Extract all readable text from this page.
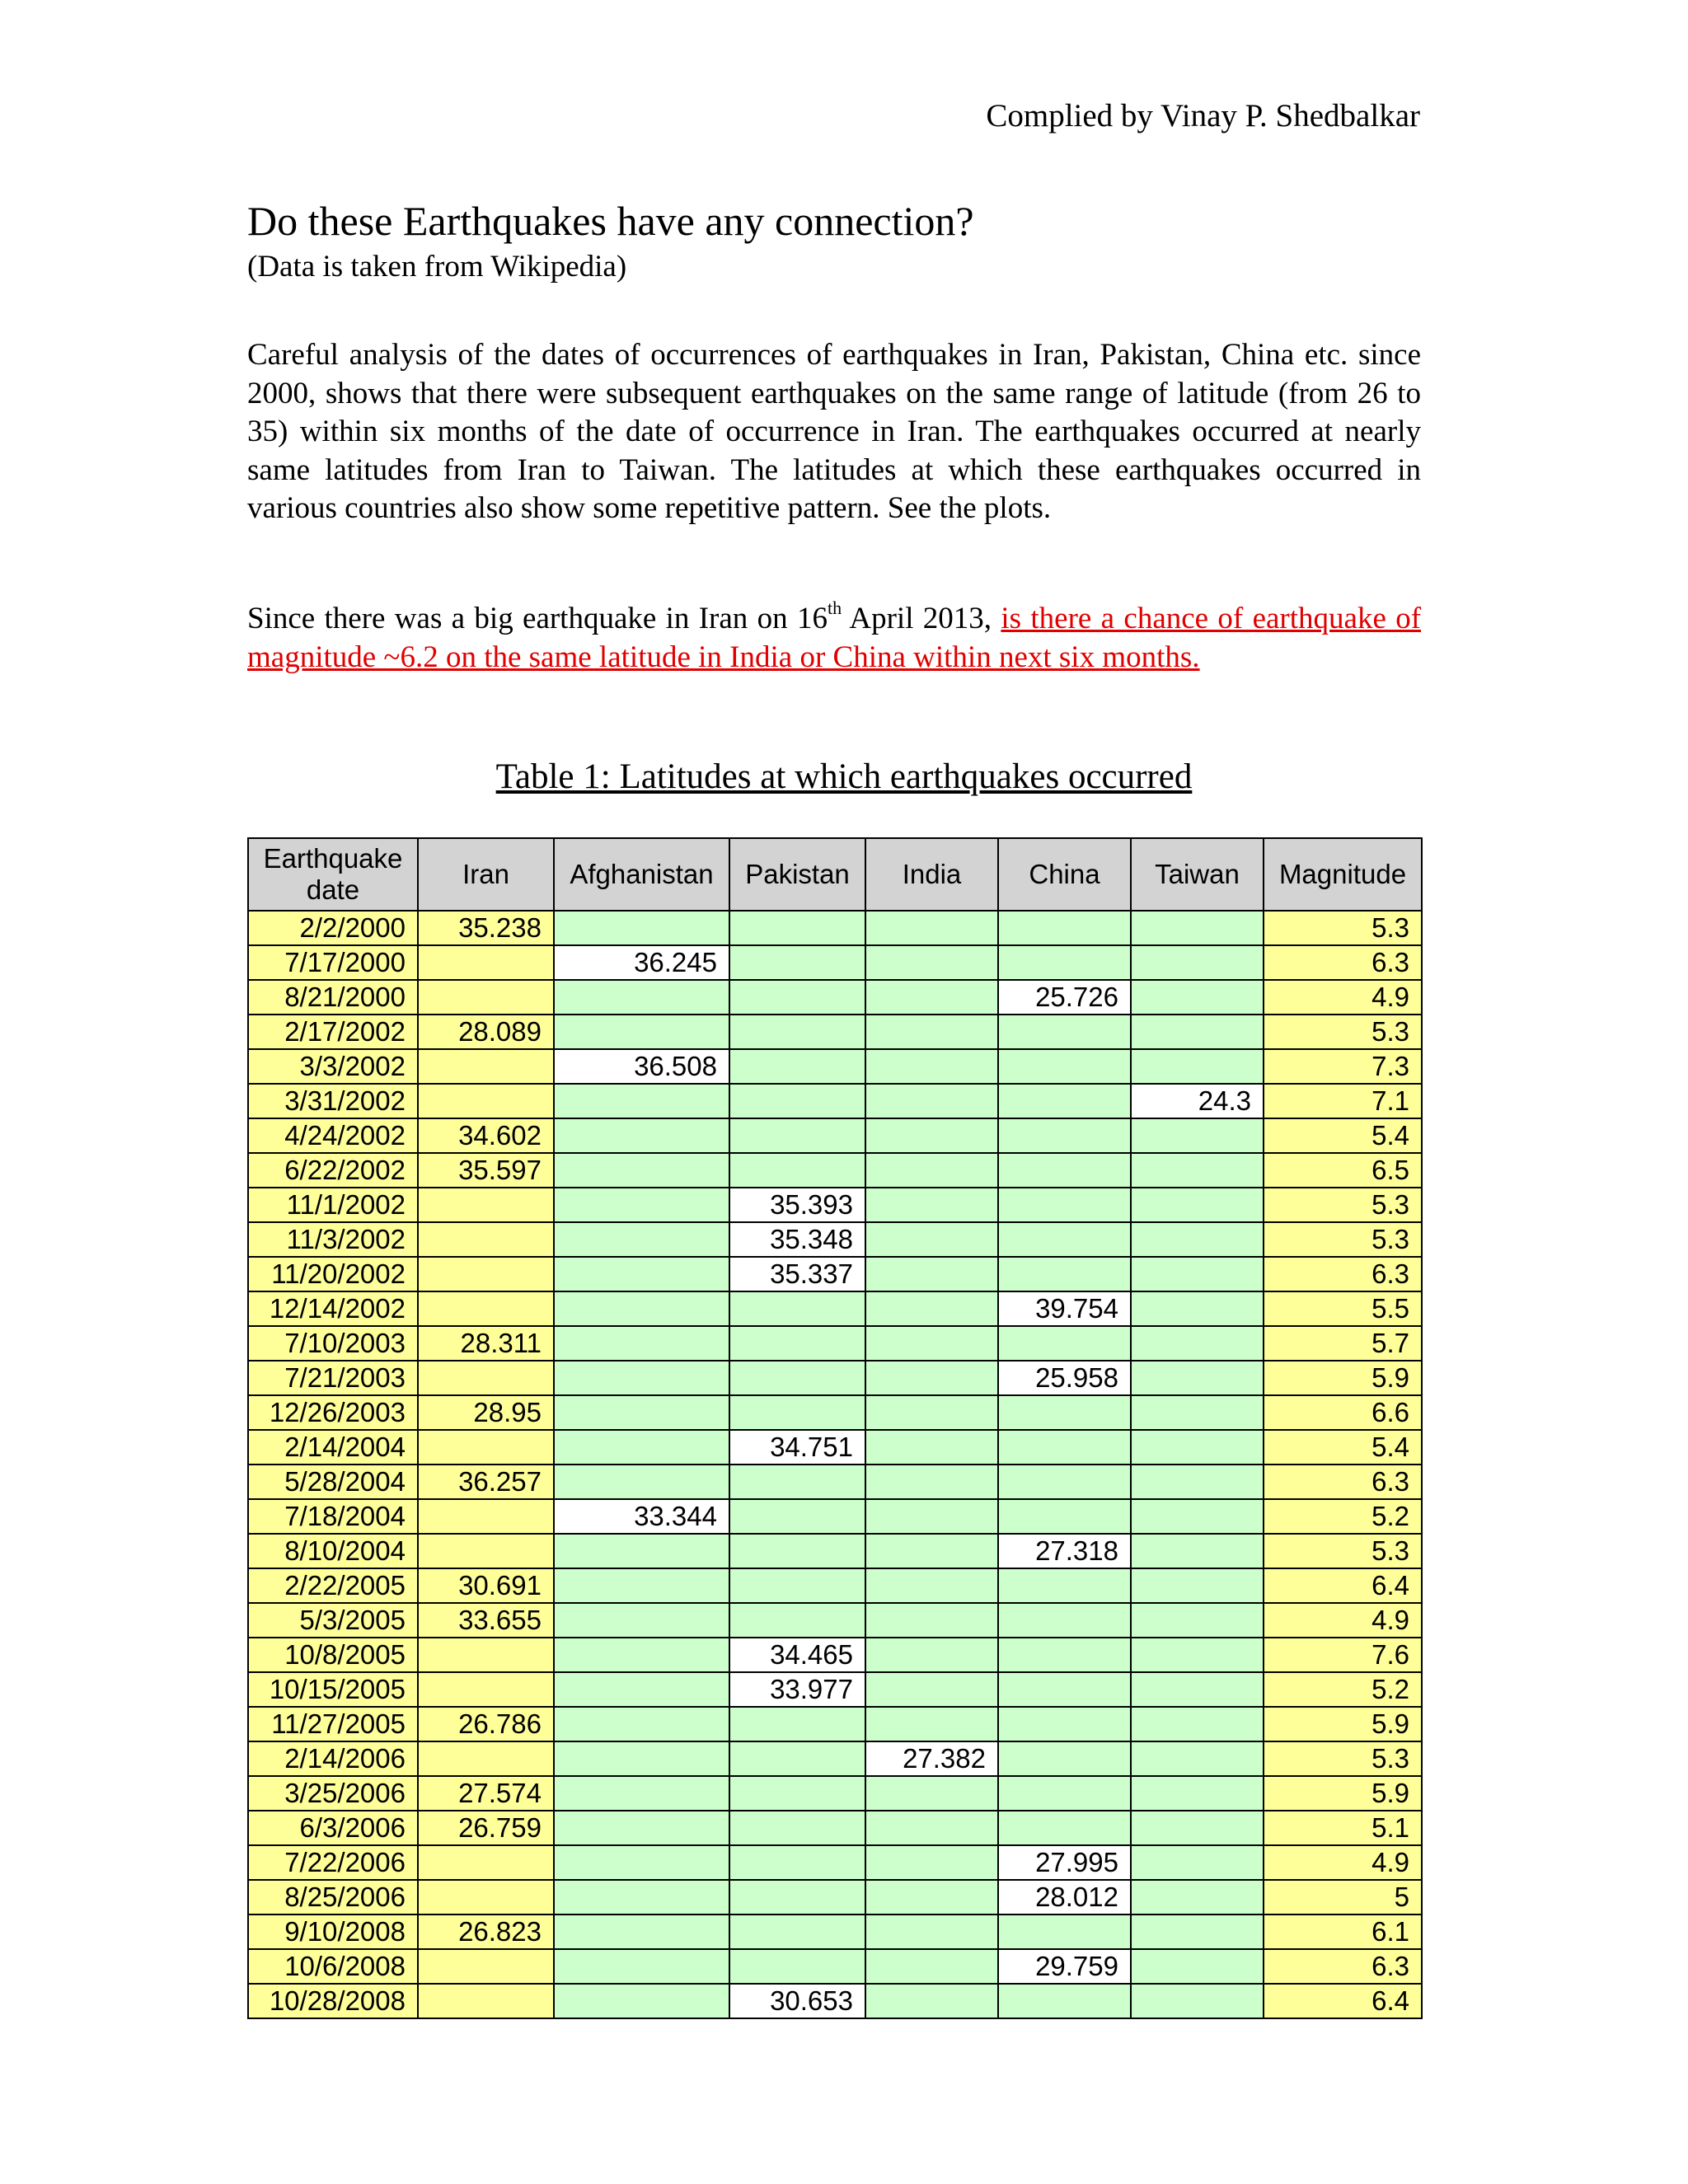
Complied by Vinay P. Shedbalkar
Do these Earthquakes have any connection?
(Data is taken from Wikipedia)
Careful analysis of the dates of occurrences of earthquakes in Iran, Pakistan, China etc. since 2000, shows that there were subsequent earthquakes on the same range of latitude (from 26 to 35) within six months of the date of occurrence in Iran. The earthquakes occurred at nearly same latitudes from Iran to Taiwan. The latitudes at which these earthquakes occurred in various countries also show some repetitive pattern. See the plots.
Since there was a big earthquake in Iran on 16th April 2013, is there a chance of earthquake of magnitude ~6.2 on the same latitude in India or China within next six months.
Table 1: Latitudes at which earthquakes occurred
Earthquake date	Iran	Afghanistan	Pakistan	India	China	Taiwan	Magnitude
2/2/2000	35.238						5.3
7/17/2000		36.245					6.3
8/21/2000					25.726		4.9
2/17/2002	28.089						5.3
3/3/2002		36.508					7.3
3/31/2002						24.3	7.1
4/24/2002	34.602						5.4
6/22/2002	35.597						6.5
11/1/2002			35.393				5.3
11/3/2002			35.348				5.3
11/20/2002			35.337				6.3
12/14/2002					39.754		5.5
7/10/2003	28.311						5.7
7/21/2003					25.958		5.9
12/26/2003	28.95						6.6
2/14/2004			34.751				5.4
5/28/2004	36.257						6.3
7/18/2004		33.344					5.2
8/10/2004					27.318		5.3
2/22/2005	30.691						6.4
5/3/2005	33.655						4.9
10/8/2005			34.465				7.6
10/15/2005			33.977				5.2
11/27/2005	26.786						5.9
2/14/2006				27.382			5.3
3/25/2006	27.574						5.9
6/3/2006	26.759						5.1
7/22/2006					27.995		4.9
8/25/2006					28.012		5
9/10/2008	26.823						6.1
10/6/2008					29.759		6.3
10/28/2008			30.653				6.4
